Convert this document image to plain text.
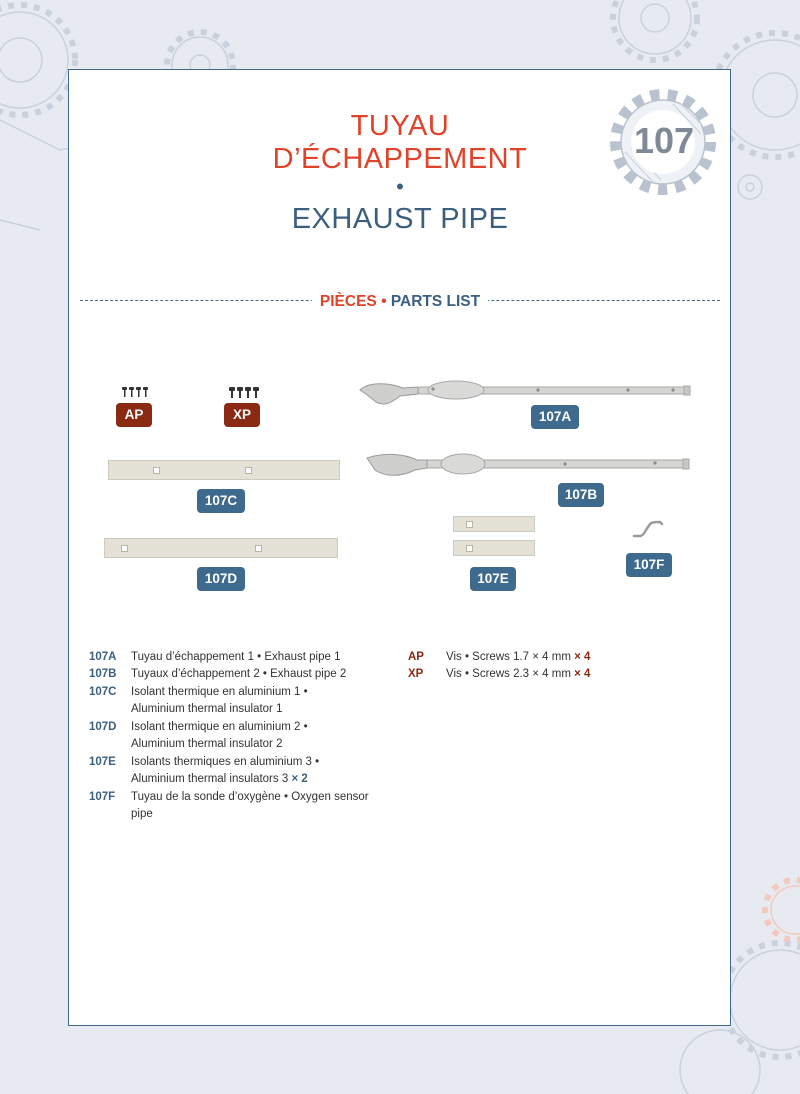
107
TUYAU
D’ÉCHAPPEMENT
•
EXHAUST PIPE
PIÈCES • PARTS LIST
AP	XP	107A
107B
107C
107D	107E
107F
107A Tuyau d’échappement 1 • Exhaust pipe 1
107B Tuyaux d’échappement 2 • Exhaust pipe 2
107C Isolant thermique en aluminium 1 •
Aluminium thermal insulator 1
107D Isolant thermique en aluminium 2 •
Aluminium thermal insulator 2
107E Isolants thermiques en aluminium 3 •
Aluminium thermal insulators 3 × 2
107F Tuyau de la sonde d’oxygène • Oxygen sensor
pipe
AP Vis • Screws 1.7 × 4 mm × 4
XP Vis • Screws 2.3 × 4 mm × 4
